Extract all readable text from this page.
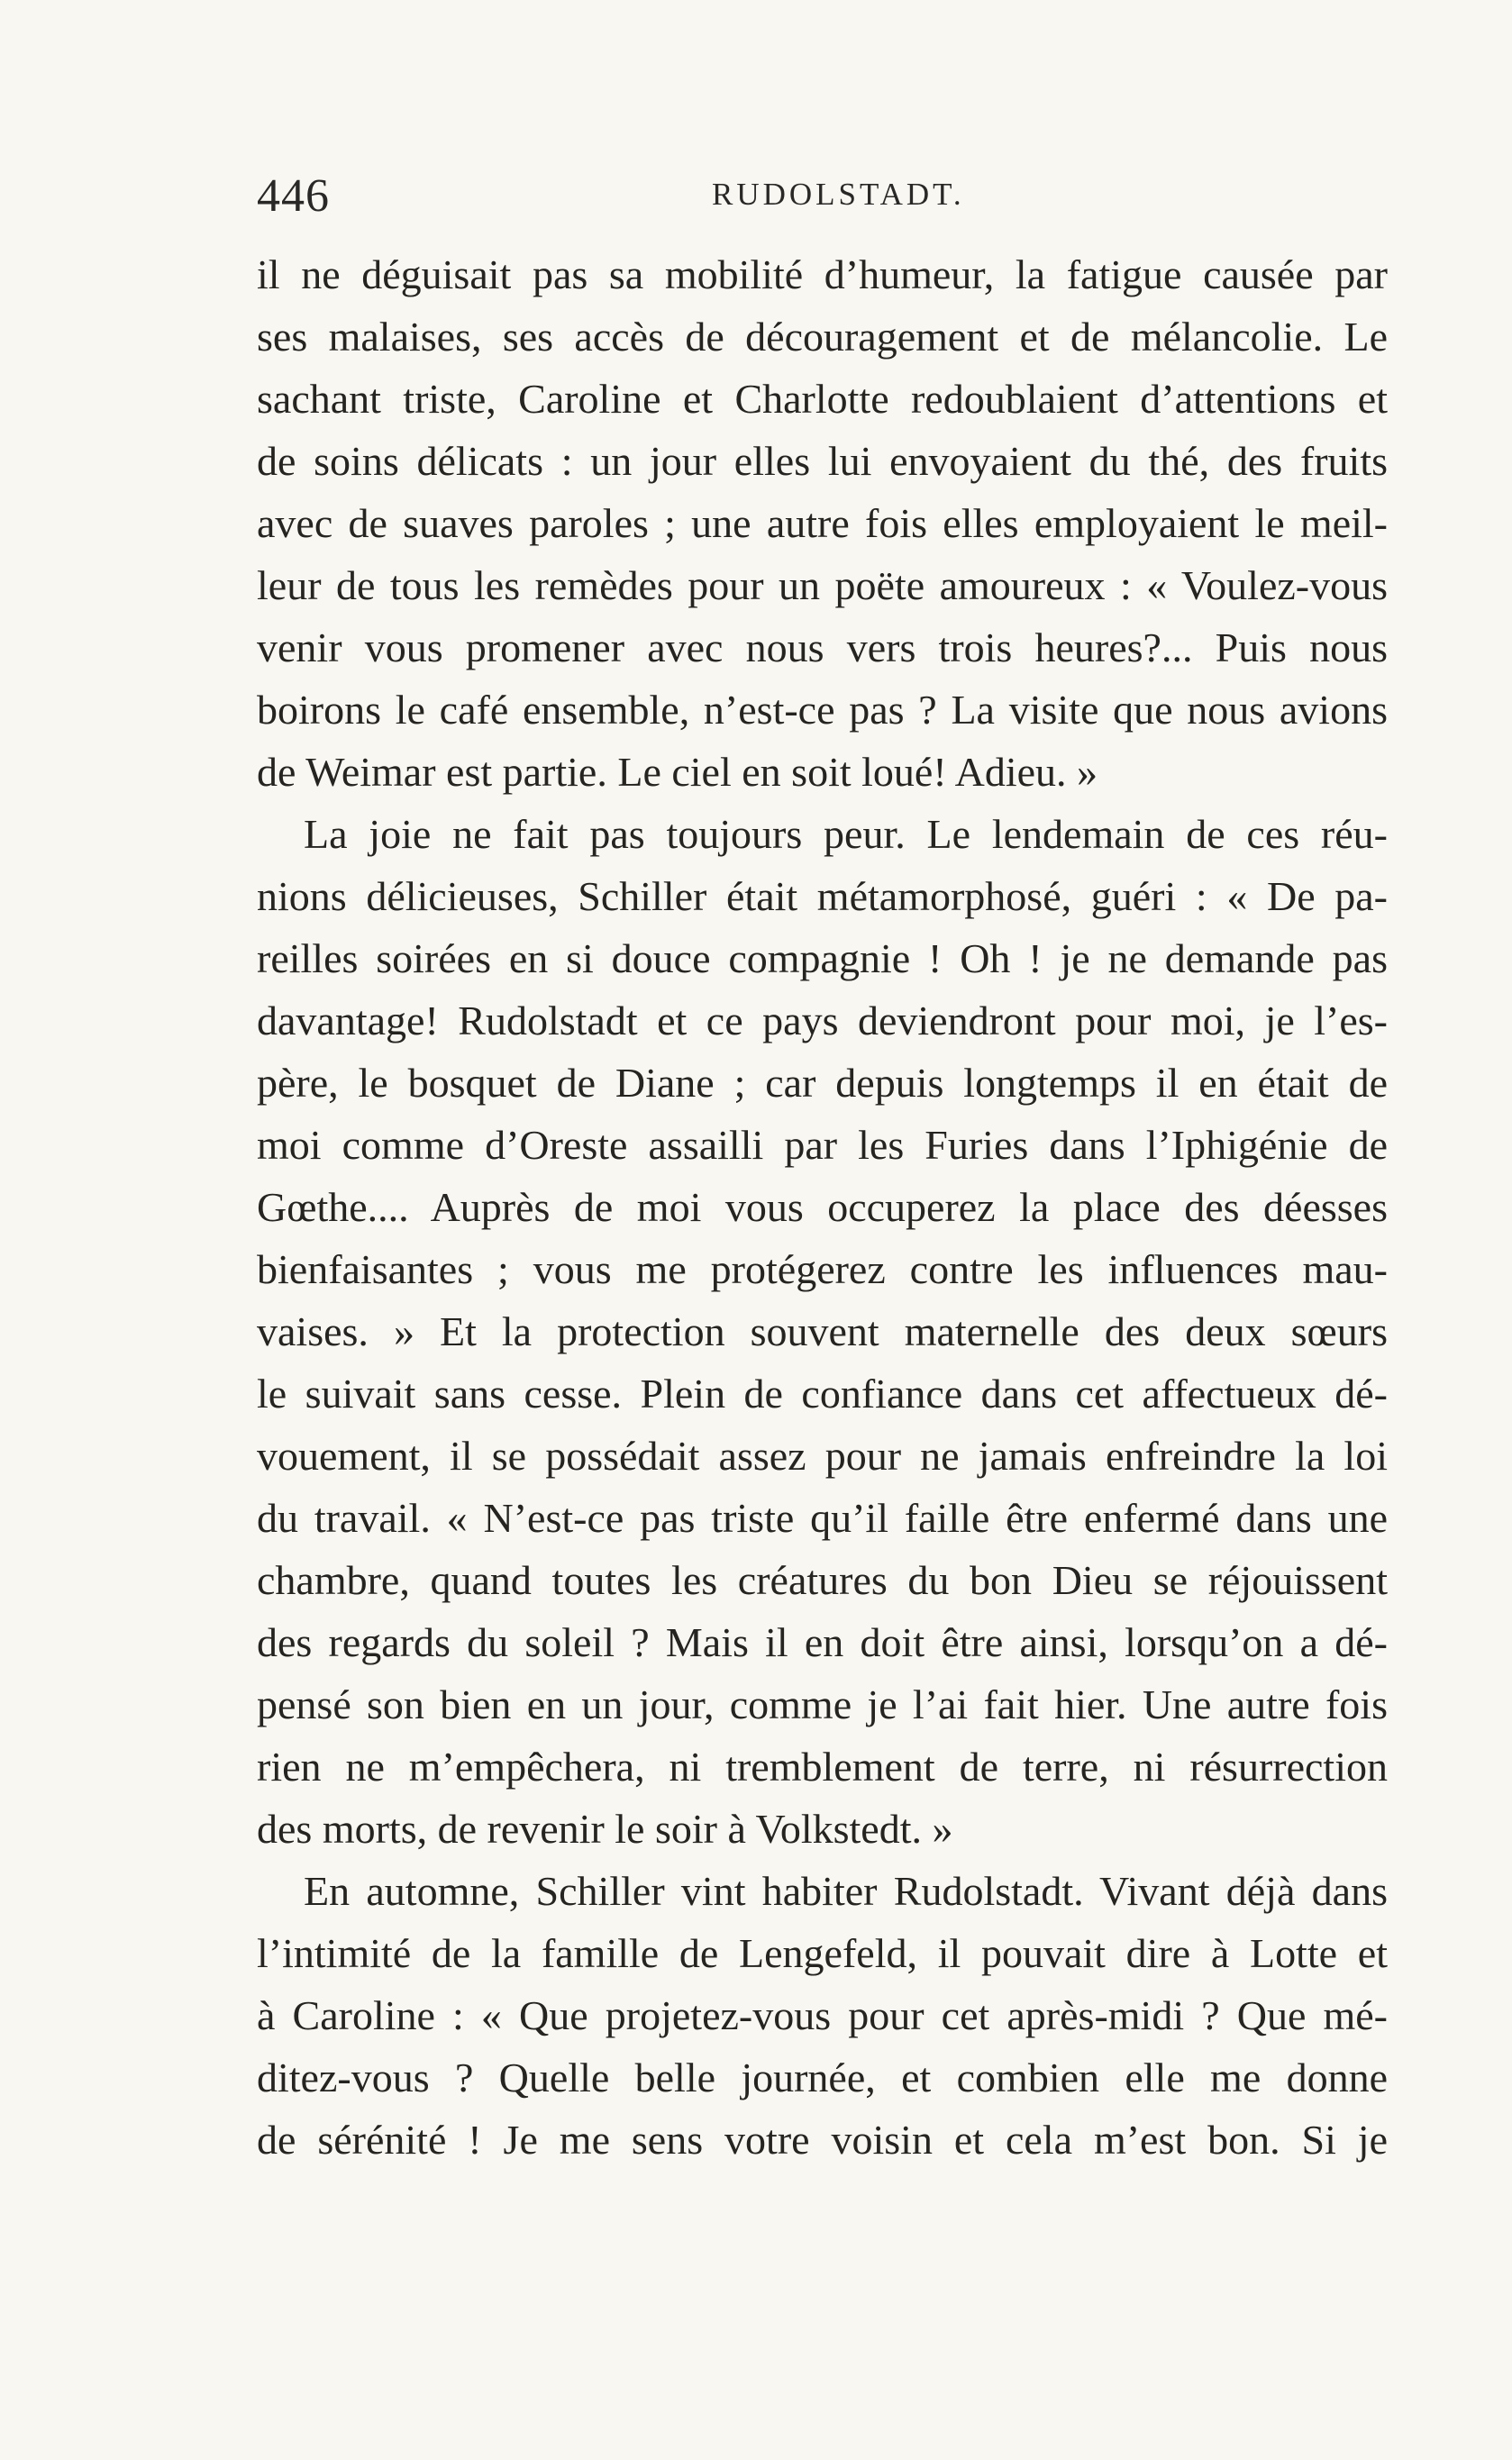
446	RUDOLSTADT.
il ne déguisait pas sa mobilité d’humeur, la fatigue causée par
ses malaises, ses accès de découragement et de mélancolie. Le
sachant triste, Caroline et Charlotte redoublaient d’attentions et
de soins délicats : un jour elles lui envoyaient du thé, des fruits
avec de suaves paroles ; une autre fois elles employaient le meil-
leur de tous les remèdes pour un poëte amoureux : « Voulez-vous
venir vous promener avec nous vers trois heures?... Puis nous
boirons le café ensemble, n’est-ce pas ? La visite que nous avions
de Weimar est partie. Le ciel en soit loué! Adieu. »
La joie ne fait pas toujours peur. Le lendemain de ces réu-
nions délicieuses, Schiller était métamorphosé, guéri : « De pa-
reilles soirées en si douce compagnie ! Oh ! je ne demande pas
davantage! Rudolstadt et ce pays deviendront pour moi, je l’es-
père, le bosquet de Diane ; car depuis longtemps il en était de
moi comme d’Oreste assailli par les Furies dans l’Iphigénie de
Gœthe.... Auprès de moi vous occuperez la place des déesses
bienfaisantes ; vous me protégerez contre les influences mau-
vaises. » Et la protection souvent maternelle des deux sœurs
le suivait sans cesse. Plein de confiance dans cet affectueux dé-
vouement, il se possédait assez pour ne jamais enfreindre la loi
du travail. « N’est-ce pas triste qu’il faille être enfermé dans une
chambre, quand toutes les créatures du bon Dieu se réjouissent
des regards du soleil ? Mais il en doit être ainsi, lorsqu’on a dé-
pensé son bien en un jour, comme je l’ai fait hier. Une autre fois
rien ne m’empêchera, ni tremblement de terre, ni résurrection
des morts, de revenir le soir à Volkstedt. »
En automne, Schiller vint habiter Rudolstadt. Vivant déjà dans
l’intimité de la famille de Lengefeld, il pouvait dire à Lotte et
à Caroline : « Que projetez-vous pour cet après-midi ? Que mé-
ditez-vous ? Quelle belle journée, et combien elle me donne
de sérénité ! Je me sens votre voisin et cela m’est bon. Si je
